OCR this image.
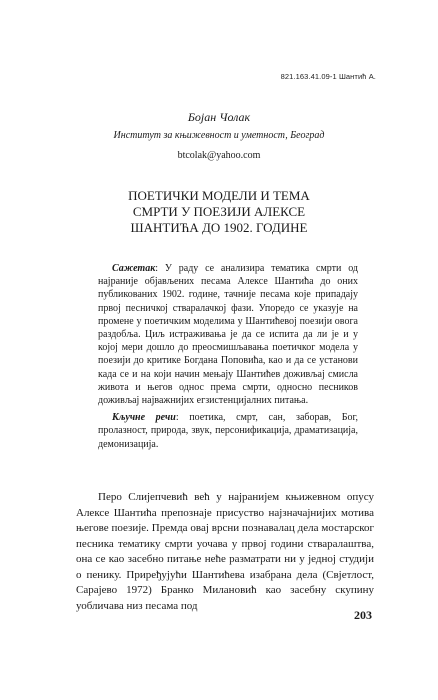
821.163.41.09-1 Шантић А.
Бојан Чолак
Институт за књижевност и уметност, Београд
btcolak@yahoo.com
ПОЕТИЧКИ МОДЕЛИ И ТЕМА
СМРТИ У ПОЕЗИЈИ АЛЕКСЕ
ШАНТИЋА ДО 1902. ГОДИНЕ
Сажетак: У раду се анализира тематика смрти од најраније објављених песама Алексе Шантића до оних публикованих 1902. године, тачније песама које припадају првој песничкој стваралачкој фази. Упоредо се указује на промене у поетичким моделима у Шантићевој поезији овога раздобља. Циљ истраживања је да се испита да ли је и у којој мери дошло до преосмишљавања поетичког модела у поезији до критике Богдана Поповића, као и да се установи када се и на који начин мењају Шантићев доживљај смисла живота и његов однос према смрти, односно песников доживљај најважнијих егзистенцијалних питања.
Кључне речи: поетика, смрт, сан, заборав, Бог, пролазност, природа, звук, персонификација, драматизација, демонизација.
Перо Слијепчевић већ у најранијем књижевном опусу Алексе Шантића препознаје присуство најзначајнијих мотива његове поезије. Премда овај врсни познавалац дела мостарског песника тематику смрти уочава у првој години стваралаштва, она се као засебно питање неће разматрати ни у једној студији о пенику. Приређујући Шантићева изабрана дела (Свјетлост, Сарајево 1972) Бранко Милановић као засебну скупину уобличава низ песама под
203
